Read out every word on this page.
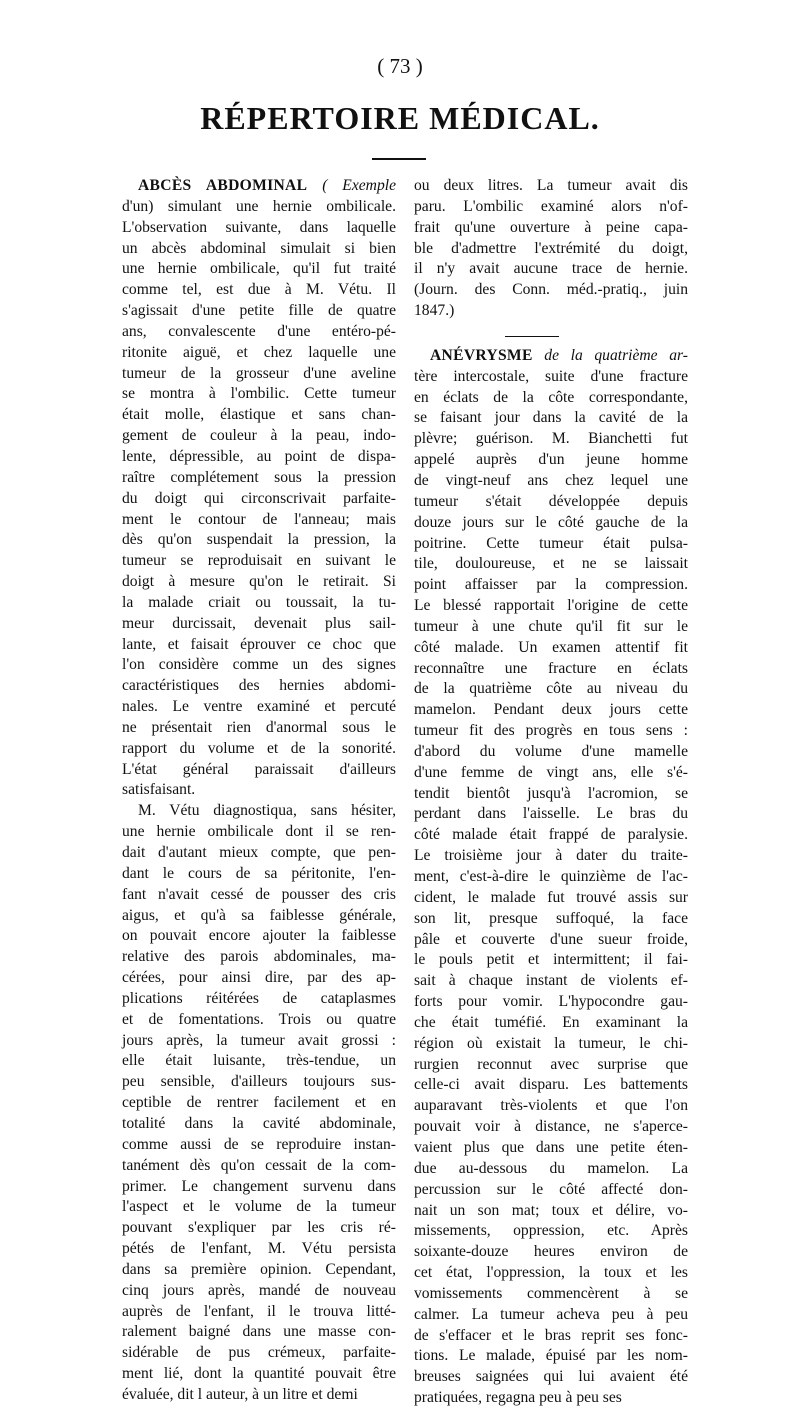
( 73 )
RÉPERTOIRE MÉDICAL.
ABCÈS ABDOMINAL ( Exemple
d'un) simulant une hernie ombilicale.
L'observation suivante, dans laquelle
un abcès abdominal simulait si bien
une hernie ombilicale, qu'il fut traité
comme tel, est due à M. Vétu. Il
s'agissait d'une petite fille de quatre
ans, convalescente d'une entéro-pé-
ritonite aiguë, et chez laquelle une
tumeur de la grosseur d'une aveline
se montra à l'ombilic. Cette tumeur
était molle, élastique et sans chan-
gement de couleur à la peau, indo-
lente, dépressible, au point de dispa-
raître complétement sous la pression
du doigt qui circonscrivait parfaite-
ment le contour de l'anneau; mais
dès qu'on suspendait la pression, la
tumeur se reproduisait en suivant le
doigt à mesure qu'on le retirait. Si
la malade criait ou toussait, la tu-
meur durcissait, devenait plus sail-
lante, et faisait éprouver ce choc que
l'on considère comme un des signes
caractéristiques des hernies abdomi-
nales. Le ventre examiné et percuté
ne présentait rien d'anormal sous le
rapport du volume et de la sonorité.
L'état général paraissait d'ailleurs
satisfaisant.
M. Vétu diagnostiqua, sans hésiter,
une hernie ombilicale dont il se ren-
dait d'autant mieux compte, que pen-
dant le cours de sa péritonite, l'en-
fant n'avait cessé de pousser des cris
aigus, et qu'à sa faiblesse générale,
on pouvait encore ajouter la faiblesse
relative des parois abdominales, ma-
cérées, pour ainsi dire, par des ap-
plications réitérées de cataplasmes
et de fomentations. Trois ou quatre
jours après, la tumeur avait grossi :
elle était luisante, très-tendue, un
peu sensible, d'ailleurs toujours sus-
ceptible de rentrer facilement et en
totalité dans la cavité abdominale,
comme aussi de se reproduire instan-
tanément dès qu'on cessait de la com-
primer. Le changement survenu dans
l'aspect et le volume de la tumeur
pouvant s'expliquer par les cris ré-
pétés de l'enfant, M. Vétu persista
dans sa première opinion. Cependant,
cinq jours après, mandé de nouveau
auprès de l'enfant, il le trouva litté-
ralement baigné dans une masse con-
sidérable de pus crémeux, parfaite-
ment lié, dont la quantité pouvait être
évaluée, dit l auteur, à un litre et demi
ou deux litres. La tumeur avait dis
paru. L'ombilic examiné alors n'of-
frait qu'une ouverture à peine capa-
ble d'admettre l'extrémité du doigt,
il n'y avait aucune trace de hernie.
(Journ. des Conn. méd.-pratiq., juin
1847.)
ANÉVRYSME de la quatrième ar-
tère intercostale, suite d'une fracture
en éclats de la côte correspondante,
se faisant jour dans la cavité de la
plèvre; guérison. M. Bianchetti fut
appelé auprès d'un jeune homme
de vingt-neuf ans chez lequel une
tumeur s'était développée depuis
douze jours sur le côté gauche de la
poitrine. Cette tumeur était pulsa-
tile, douloureuse, et ne se laissait
point affaisser par la compression.
Le blessé rapportait l'origine de cette
tumeur à une chute qu'il fit sur le
côté malade. Un examen attentif fit
reconnaître une fracture en éclats
de la quatrième côte au niveau du
mamelon. Pendant deux jours cette
tumeur fit des progrès en tous sens :
d'abord du volume d'une mamelle
d'une femme de vingt ans, elle s'é-
tendit bientôt jusqu'à l'acromion, se
perdant dans l'aisselle. Le bras du
côté malade était frappé de paralysie.
Le troisième jour à dater du traite-
ment, c'est-à-dire le quinzième de l'ac-
cident, le malade fut trouvé assis sur
son lit, presque suffoqué, la face
pâle et couverte d'une sueur froide,
le pouls petit et intermittent; il fai-
sait à chaque instant de violents ef-
forts pour vomir. L'hypocondre gau-
che était tuméfié. En examinant la
région où existait la tumeur, le chi-
rurgien reconnut avec surprise que
celle-ci avait disparu. Les battements
auparavant très-violents et que l'on
pouvait voir à distance, ne s'aperce-
vaient plus que dans une petite éten-
due au-dessous du mamelon. La
percussion sur le côté affecté don-
nait un son mat; toux et délire, vo-
missements, oppression, etc. Après
soixante-douze heures environ de
cet état, l'oppression, la toux et les
vomissements commencèrent à se
calmer. La tumeur acheva peu à peu
de s'effacer et le bras reprit ses fonc-
tions. Le malade, épuisé par les nom-
breuses saignées qui lui avaient été
pratiquées, regagna peu à peu ses
